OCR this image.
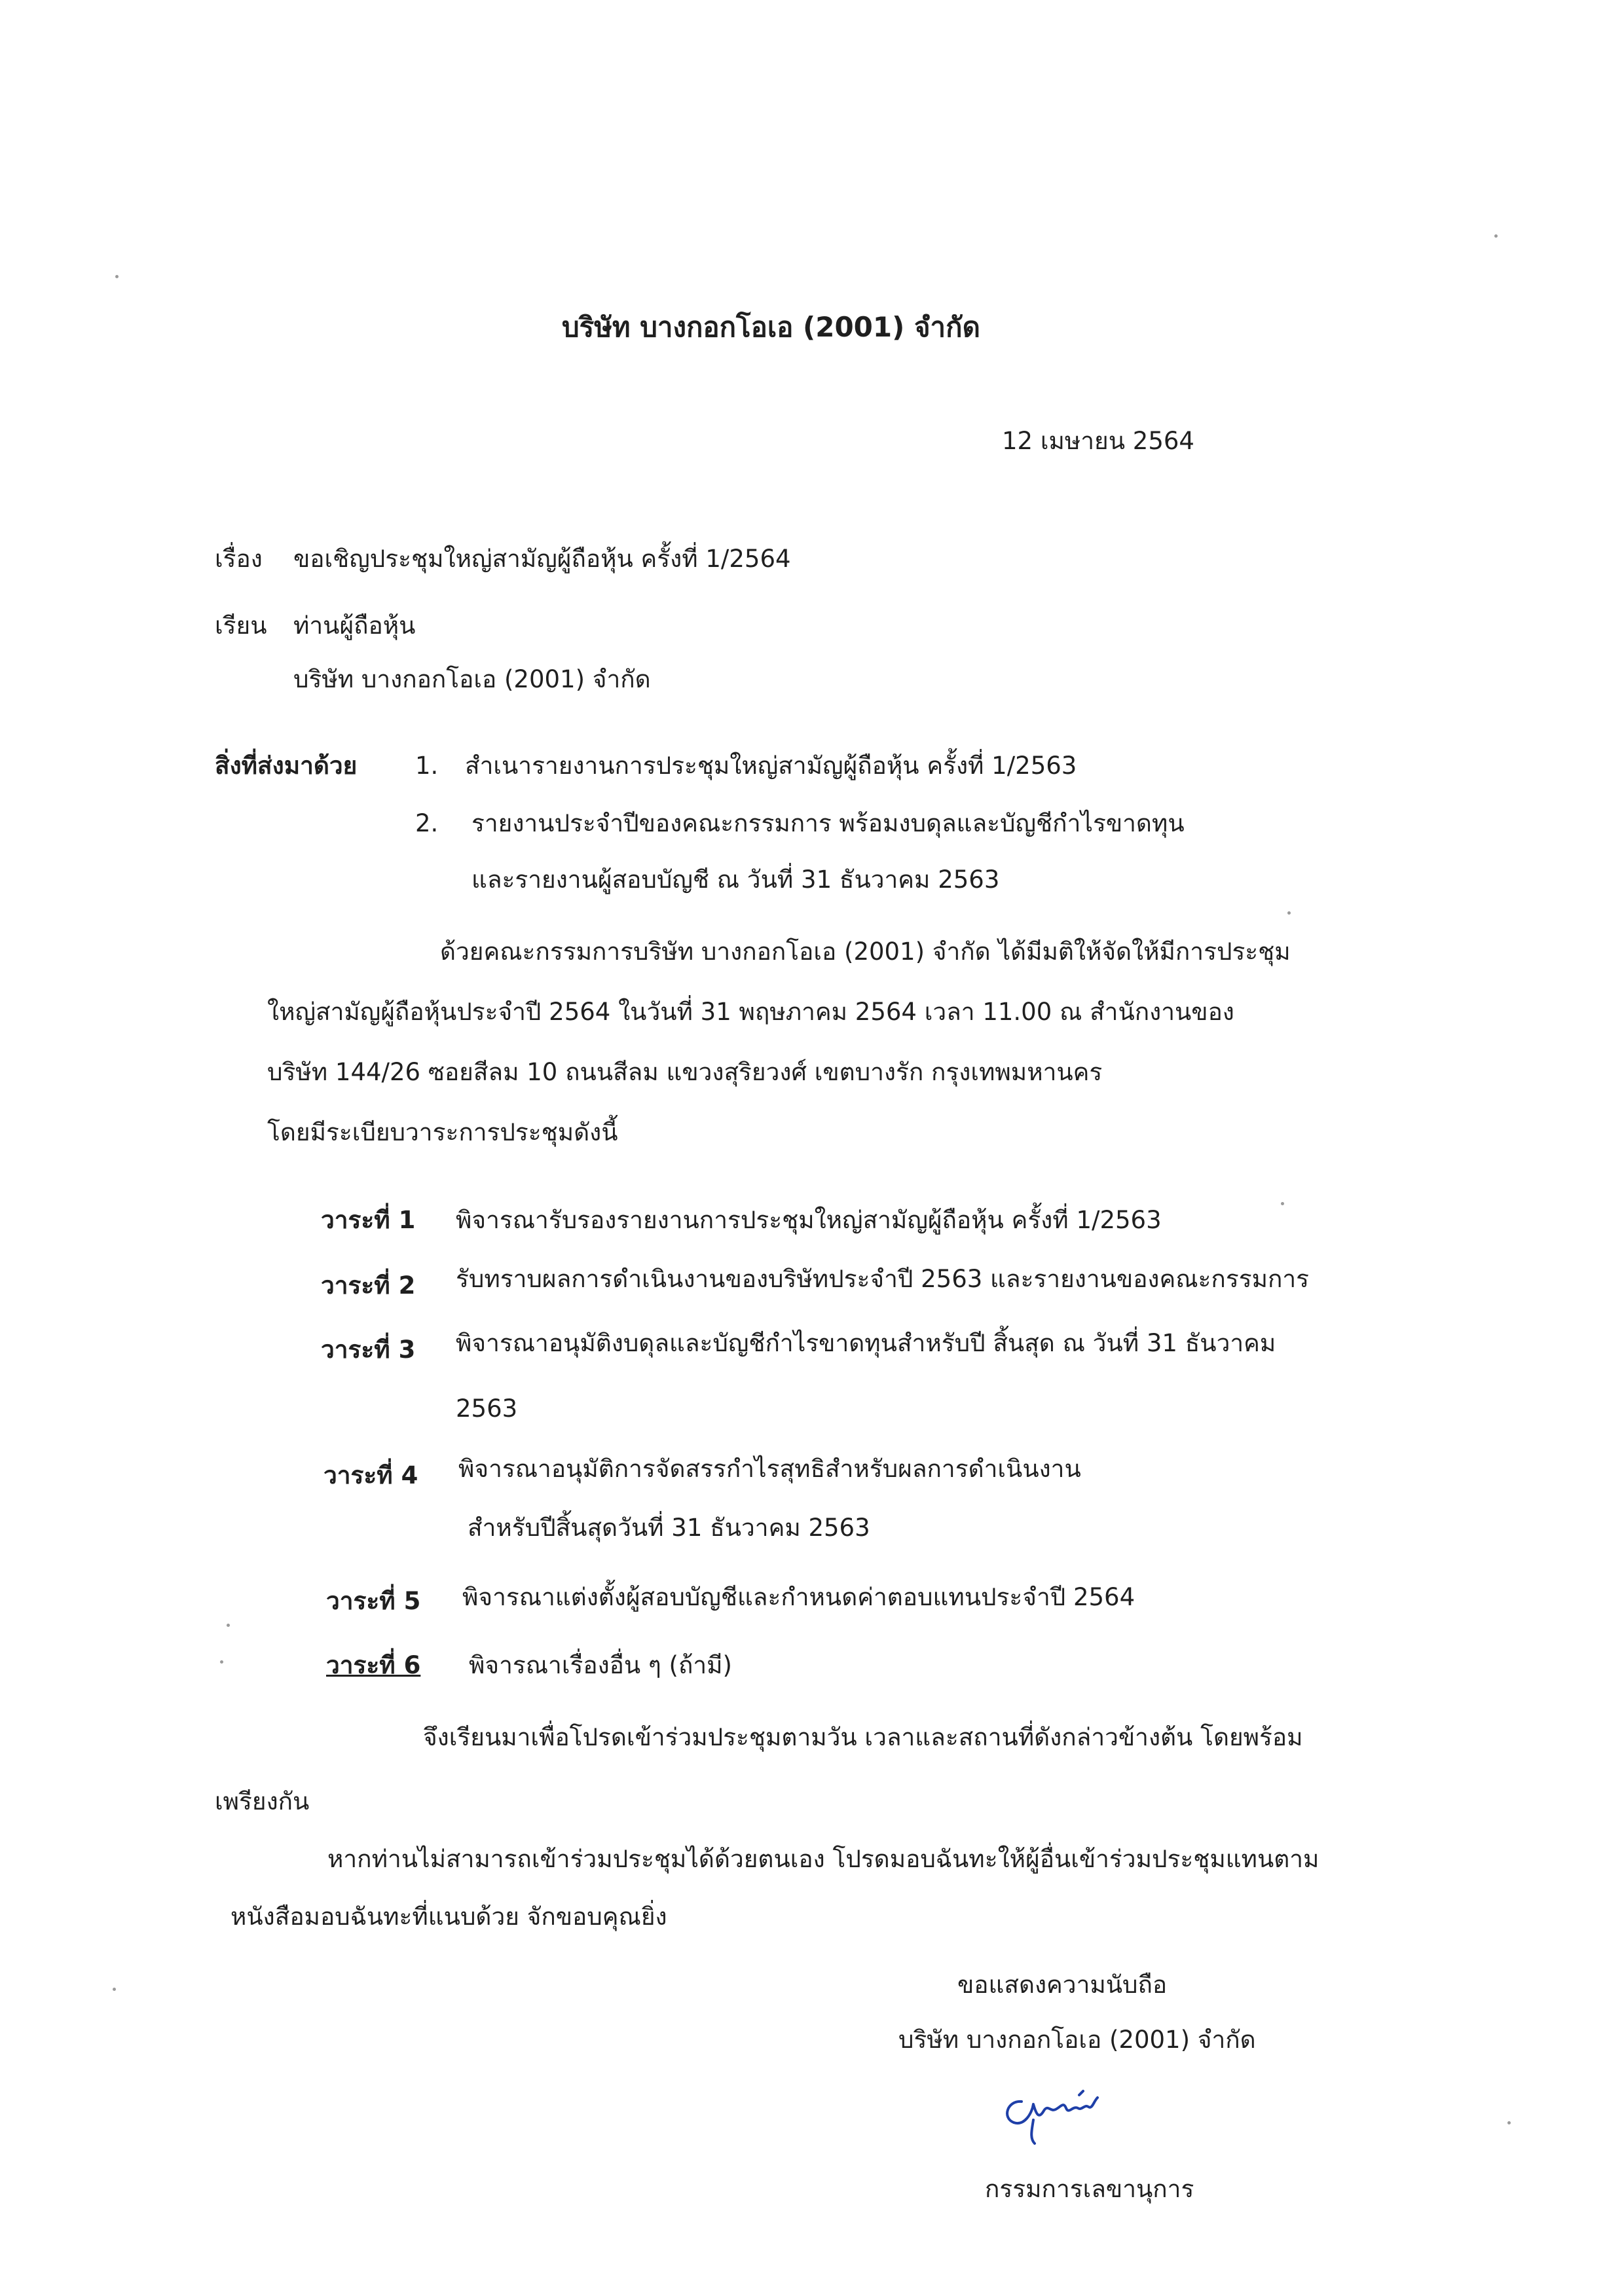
บริษัท บางกอกโอเอ (2001) จำกัด
12 เมษายน 2564
เรื่อง ขอเชิญประชุมใหญ่สามัญผู้ถือหุ้น ครั้งที่ 1/2564
เรียน ท่านผู้ถือหุ้น
บริษัท บางกอกโอเอ (2001) จำกัด
สิ่งที่ส่งมาด้วย 1. สำเนารายงานการประชุมใหญ่สามัญผู้ถือหุ้น ครั้งที่ 1/2563
2. รายงานประจำปีของคณะกรรมการ พร้อมงบดุลและบัญชีกำไรขาดทุน
และรายงานผู้สอบบัญชี ณ วันที่ 31 ธันวาคม 2563
ด้วยคณะกรรมการบริษัท บางกอกโอเอ (2001) จำกัด ได้มีมติให้จัดให้มีการประชุม
ใหญ่สามัญผู้ถือหุ้นประจำปี 2564 ในวันที่ 31 พฤษภาคม 2564 เวลา 11.00 ณ สำนักงานของ
บริษัท 144/26 ซอยสีลม 10 ถนนสีลม แขวงสุริยวงศ์ เขตบางรัก กรุงเทพมหานคร
โดยมีระเบียบวาระการประชุมดังนี้
วาระที่ 1 พิจารณารับรองรายงานการประชุมใหญ่สามัญผู้ถือหุ้น ครั้งที่ 1/2563
วาระที่ 2 รับทราบผลการดำเนินงานของบริษัทประจำปี 2563 และรายงานของคณะกรรมการ
วาระที่ 3 พิจารณาอนุมัติงบดุลและบัญชีกำไรขาดทุนสำหรับปี สิ้นสุด ณ วันที่ 31 ธันวาคม
2563
วาระที่ 4 พิจารณาอนุมัติการจัดสรรกำไรสุทธิสำหรับผลการดำเนินงาน
สำหรับปีสิ้นสุดวันที่ 31 ธันวาคม 2563
วาระที่ 5 พิจารณาแต่งตั้งผู้สอบบัญชีและกำหนดค่าตอบแทนประจำปี 2564
วาระที่ 6 พิจารณาเรื่องอื่น ๆ (ถ้ามี)
จึงเรียนมาเพื่อโปรดเข้าร่วมประชุมตามวัน เวลาและสถานที่ดังกล่าวข้างต้น โดยพร้อม
เพรียงกัน
หากท่านไม่สามารถเข้าร่วมประชุมได้ด้วยตนเอง โปรดมอบฉันทะให้ผู้อื่นเข้าร่วมประชุมแทนตาม
หนังสือมอบฉันทะที่แนบด้วย จักขอบคุณยิ่ง
ขอแสดงความนับถือ
บริษัท บางกอกโอเอ (2001) จำกัด
กรรมการเลขานุการ
